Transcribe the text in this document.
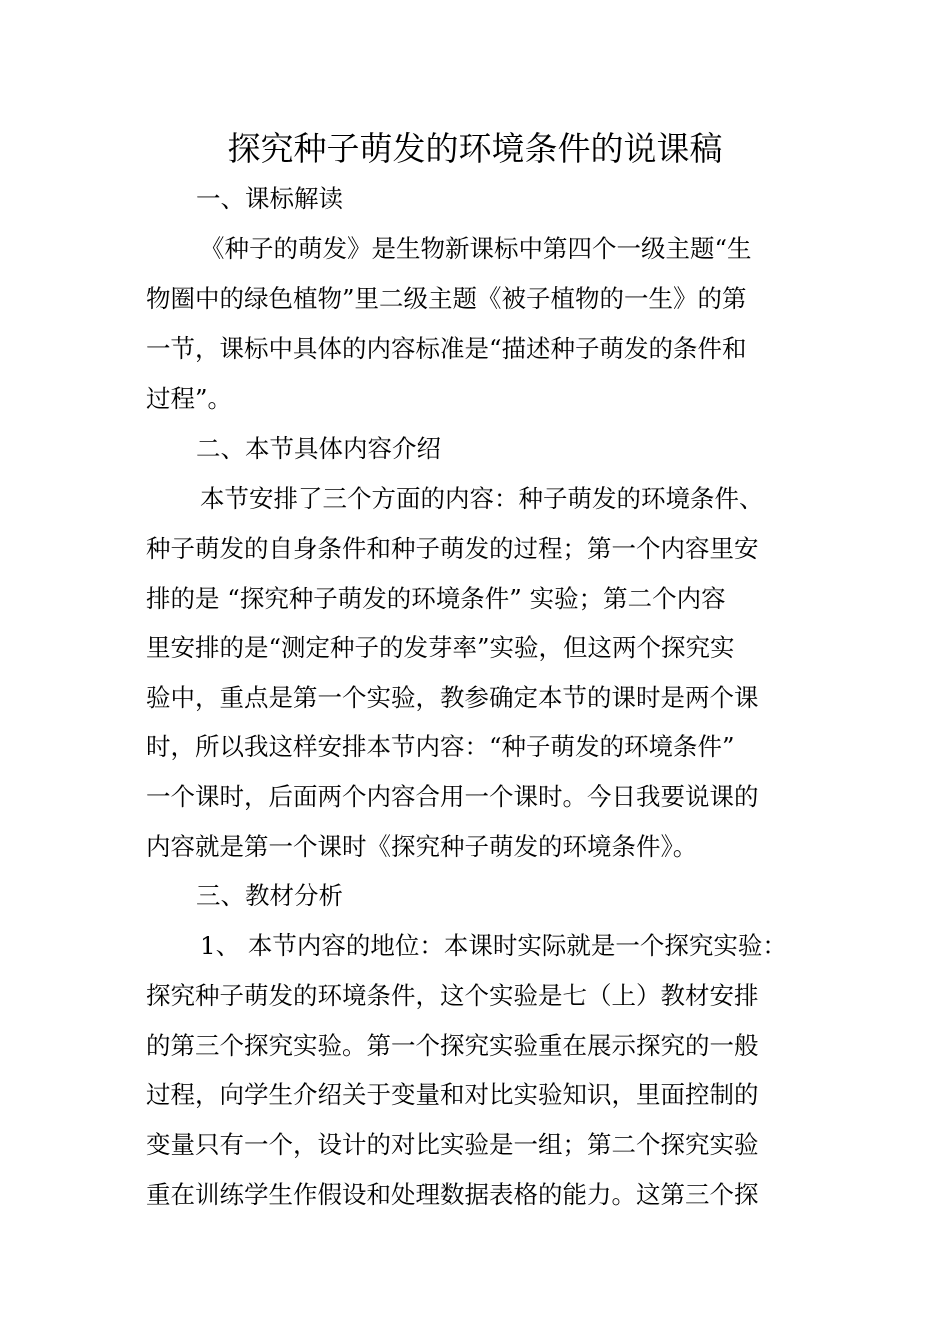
探究种子萌发的环境条件的说课稿
一、课标解读
《种子的萌发》是生物新课标中第四个一级主题“生
物圈中的绿色植物”里二级主题《被子植物的一生》的第
一节，课标中具体的内容标准是“描述种子萌发的条件和
过程”。
二、本节具体内容介绍
本节安排了三个方面的内容：种子萌发的环境条件、
种子萌发的自身条件和种子萌发的过程；第一个内容里安
排的是 “探究种子萌发的环境条件” 实验；第二个内容
里安排的是“测定种子的发芽率”实验，但这两个探究实
验中，重点是第一个实验，教参确定本节的课时是两个课
时，所以我这样安排本节内容：“种子萌发的环境条件”
一个课时，后面两个内容合用一个课时。今日我要说课的
内容就是第一个课时《探究种子萌发的环境条件》。
三、教材分析
1、 本节内容的地位：本课时实际就是一个探究实验：
探究种子萌发的环境条件，这个实验是七（上）教材安排
的第三个探究实验。第一个探究实验重在展示探究的一般
过程，向学生介绍关于变量和对比实验知识，里面控制的
变量只有一个，设计的对比实验是一组；第二个探究实验
重在训练学生作假设和处理数据表格的能力。这第三个探
